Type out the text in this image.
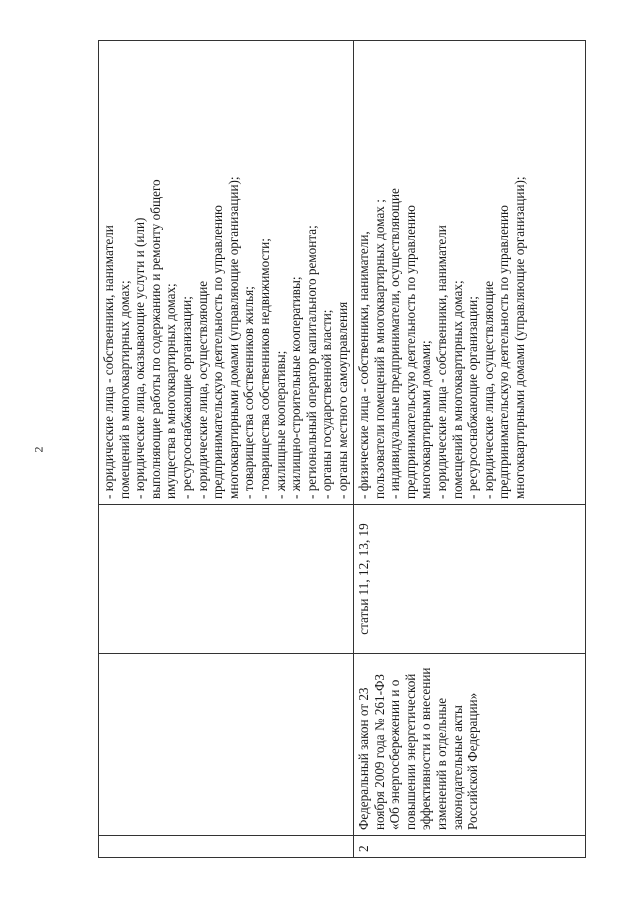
2	- юридические лица - собственники, наниматели помещений в многоквартирных домах; - юридические лица, оказывающие услуги и (или) выполняющие работы по содержанию и ремонту общего имущества в многоквартирных домах; - ресурсоснабжающие организации; - юридические лица, осуществляющие предпринимательскую деятельность по управлению многоквартирными домами (управляющие организации); - товарищества собственников жилья; - товарищества собственников недвижимости; - жилищные кооперативы; - жилищно-строительные кооперативы; - региональный оператор капитального ремонта; - органы государственной власти; - органы местного самоуправления
2
Федеральный закон от 23 ноября 2009 года № 261-ФЗ «Об энергосбережении и о повышении энергетической эффективности и о внесении изменений в отдельные законодательные акты Российской Федерации»
статьи 11, 12, 13, 19
- физические лица - собственники, наниматели, пользователи помещений в многоквартирных домах ; - индивидуальные предприниматели, осуществляющие предпринимательскую деятельность по управлению многоквартирными домами; - юридические лица - собственники, наниматели помещений в многоквартирных домах; - ресурсоснабжающие организации; - юридические лица, осуществляющие предпринимательскую деятельность по управлению многоквартирными домами (управляющие организации);
